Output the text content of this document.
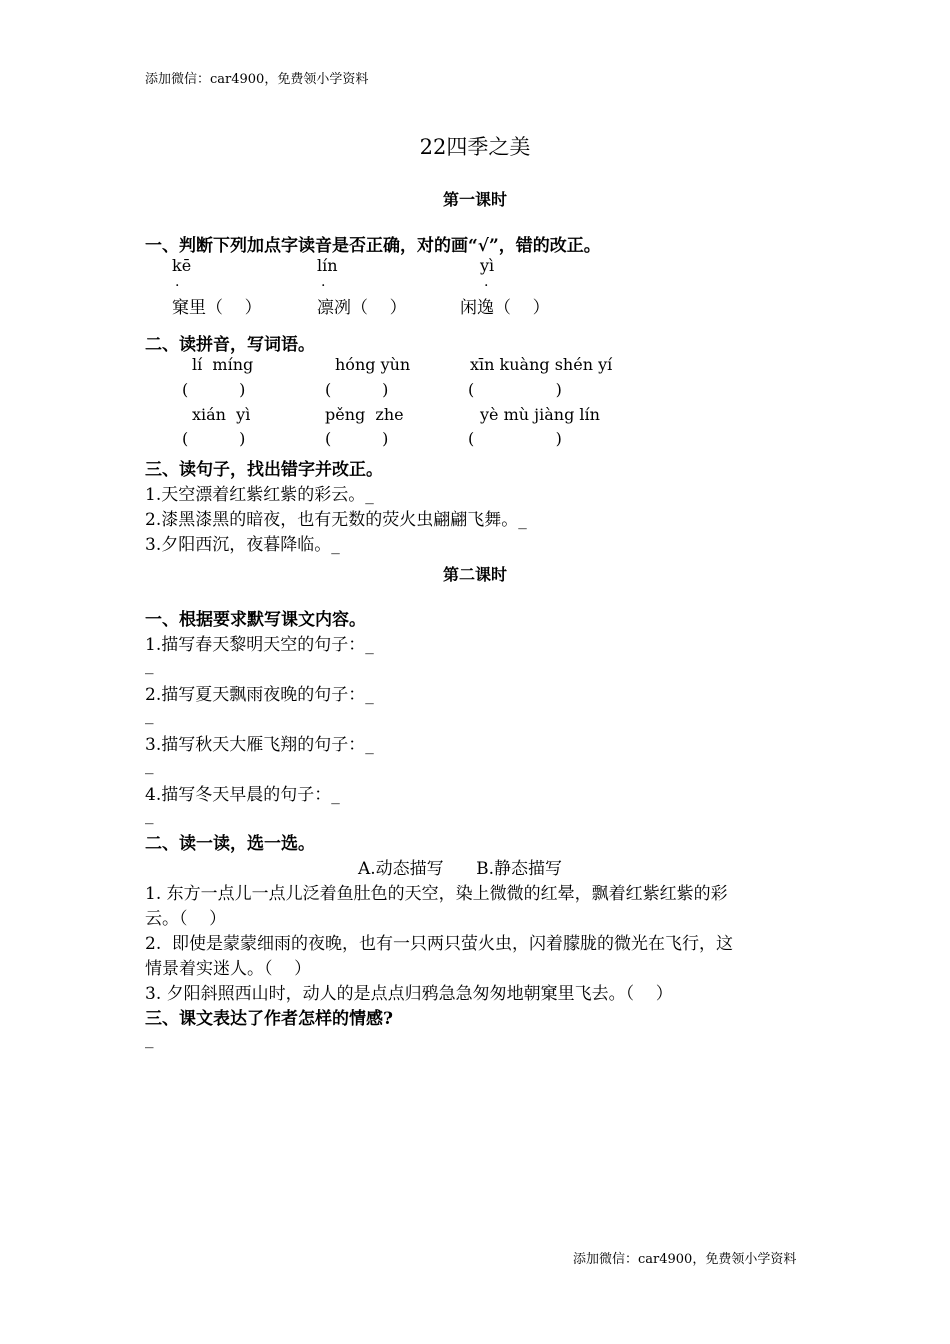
添加微信：car4900，免费领小学资料
22四季之美
第一课时
一、判断下列加点字读音是否正确，对的画“√”，错的改正。
kē	lín	yì
.	.	.
窠里（    ）	凛冽（    ）	闲逸（    ）
二、读拼音，写词语。
lí  míng	hóng yùn	xīn kuàng shén yí
(          )	(          )	(                )
xián  yì	pěng  zhe	yè mù jiàng lín
(          )	(          )	(                )
三、读句子，找出错字并改正。
1.天空漂着红紫红紫的彩云。_
2.漆黑漆黑的暗夜，也有无数的荧火虫翩翩飞舞。_
3.夕阳西沉，夜暮降临。_
第二课时
一、根据要求默写课文内容。
1.描写春天黎明天空的句子：_
_
2.描写夏天飘雨夜晚的句子：_
_
3.描写秋天大雁飞翔的句子：_
_
4.描写冬天早晨的句子：_
_
二、读一读，选一选。
A.动态描写      B.静态描写
1. 东方一点儿一点儿泛着鱼肚色的天空，染上微微的红晕，飘着红紫红紫的彩
云。（    ）
2.  即使是蒙蒙细雨的夜晚，也有一只两只萤火虫，闪着朦胧的微光在飞行，这
情景着实迷人。（    ）
3. 夕阳斜照西山时，动人的是点点归鸦急急匆匆地朝窠里飞去。（    ）
三、课文表达了作者怎样的情感?
_
添加微信：car4900，免费领小学资料
